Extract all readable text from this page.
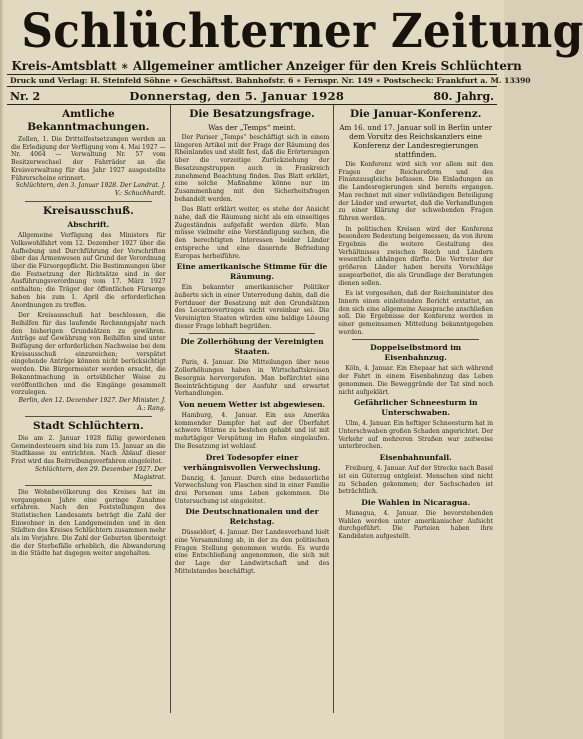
Schlüchterner Zeitung
Kreis-Amtsblatt ∗ Allgemeiner amtlicher Anzeiger für den Kreis Schlüchtern
Druck und Verlag: H. Steinfeld Söhne ∗ Geschäftsst. Bahnhofstr. 6 ∗ Fernspr. Nr. 149 ∗ Postscheck: Frankfurt a. M. 13390
Nr. 2	Donnerstag, den 5. Januar 1928	80. Jahrg.
Amtliche Bekanntmachungen.

Zellen, 1. Die Drittelfestsetzungen werden an die Erledigung der Verfügung vom 4. Mai 1927 — Nr. 4064 — Verwaltung Nr. 57 vom Besitzerwechsel der Fahrräder an die Kreisverwaltung für das Jahr 1927 ausgestellte Führerscheine erinnert.

Schlüchtern, den 3. Januar 1928. Der Landrat. J. V.: Schuchhardt.
Kreisausschuß.
Abschrift.

Allgemeine Verfügung des Ministers für Volkswohlfahrt vom 12. Dezember 1927 über die Aufhebung und Durchführung der Vorschriften über das Armenwesen auf Grund der Verordnung über die Fürsorgepflicht. Die Bestimmungen über die Festsetzung der Richtsätze sind in der Ausführungsverordnung vom 17. März 1927 enthalten; die Träger der öffentlichen Fürsorge haben bis zum 1. April die erforderlichen Anordnungen zu treffen.

Der Kreisausschuß hat beschlossen, die Beihilfen für das laufende Rechnungsjahr nach den bisherigen Grundsätzen zu gewähren. Anträge auf Gewährung von Beihilfen sind unter Beifügung der erforderlichen Nachweise bei dem Kreisausschuß einzureichen; verspätet eingehende Anträge können nicht berücksichtigt werden. Die Bürgermeister werden ersucht, die Bekanntmachung in ortsüblicher Weise zu veröffentlichen und die Eingänge gesammelt vorzulegen.

Berlin, den 12. Dezember 1927. Der Minister. J. A.: Rang.
Stadt Schlüchtern.

Die am 2. Januar 1928 fällig gewordenen Gemeindesteuern sind bis zum 15. Januar an die Stadtkasse zu entrichten. Nach Ablauf dieser Frist wird das Beitreibungsverfahren eingeleitet.

Schlüchtern, den 29. Dezember 1927. Der Magistrat.

Die Wohnbevölkerung des Kreises hat im vergangenen Jahre eine geringe Zunahme erfahren. Nach den Feststellungen des Statistischen Landesamts beträgt die Zahl der Einwohner in den Landgemeinden und in den Städten des Kreises Schlüchtern zusammen mehr als im Vorjahre. Die Zahl der Geburten übersteigt die der Sterbefälle erheblich, die Abwanderung in die Städte hat dagegen weiter angehalten.

Die Besatzungsfrage.
Was der „Temps“ meint.

Der Pariser „Temps“ beschäftigt sich in einem längeren Artikel mit der Frage der Räumung des Rheinlandes und stellt fest, daß die Erörterungen über die vorzeitige Zurückziehung der Besatzungstruppen auch in Frankreich zunehmend Beachtung finden. Das Blatt erklärt, eine solche Maßnahme könne nur im Zusammenhang mit den Sicherheitsfragen behandelt werden.

Das Blatt erklärt weiter, es stehe der Ansicht nahe, daß die Räumung nicht als ein einseitiges Zugeständnis aufgefaßt werden dürfe. Man müsse vielmehr eine Verständigung suchen, die den berechtigten Interessen beider Länder entspreche und eine dauernde Befriedung Europas herbeiführe.

Eine amerikanische Stimme für die Räumung.

Ein bekannter amerikanischer Politiker äußerte sich in einer Unterredung dahin, daß die Fortdauer der Besatzung mit den Grundsätzen des Locarnovertrages nicht vereinbar sei. Die Vereinigten Staaten würden eine baldige Lösung dieser Frage lebhaft begrüßen.

Die Zollerhöhung der Vereinigten Staaten.

Paris, 4. Januar. Die Mitteilungen über neue Zollerhöhungen haben in Wirtschaftskreisen Besorgnis hervorgerufen. Man befürchtet eine Beeinträchtigung der Ausfuhr und erwartet Verhandlungen.

Von neuem Wetter ist abgewiesen.

Hamburg, 4. Januar. Ein aus Amerika kommender Dampfer hat auf der Überfahrt schwere Stürme zu bestehen gehabt und ist mit mehrtägiger Verspätung im Hafen eingelaufen. Die Besatzung ist wohlauf.

Drei Todesopfer einer verhängnisvollen Verwechslung.

Danzig, 4. Januar. Durch eine bedauerliche Verwechslung von Flaschen sind in einer Familie drei Personen ums Leben gekommen. Die Untersuchung ist eingeleitet.

Die Deutschnationalen und der Reichstag.

Düsseldorf, 4. Januar. Der Landesverband hielt eine Versammlung ab, in der zu den politischen Fragen Stellung genommen wurde. Es wurde eine Entschließung angenommen, die sich mit der Lage der Landwirtschaft und des Mittelstandes beschäftigt.

Die Januar-Konferenz.
Am 16. und 17. Januar soll in Berlin unter dem Vorsitz des Reichskanzlers eine Konferenz der Landesregierungen stattfinden.

Die Konferenz wird sich vor allem mit den Fragen der Reichsreform und des Finanzausgleichs befassen. Die Einladungen an die Landesregierungen sind bereits ergangen. Man rechnet mit einer vollständigen Beteiligung der Länder und erwartet, daß die Verhandlungen zu einer Klärung der schwebenden Fragen führen werden.

In politischen Kreisen wird der Konferenz besondere Bedeutung beigemessen, da von ihrem Ergebnis die weitere Gestaltung des Verhältnisses zwischen Reich und Ländern wesentlich abhängen dürfte. Die Vertreter der größeren Länder haben bereits Vorschläge ausgearbeitet, die als Grundlage der Beratungen dienen sollen.

Es ist vorgesehen, daß der Reichsminister des Innern einen einleitenden Bericht erstattet, an den sich eine allgemeine Aussprache anschließen soll. Die Ergebnisse der Konferenz werden in einer gemeinsamen Mitteilung bekanntgegeben werden.

Doppelselbstmord im Eisenbahnzug.

Köln, 4. Januar. Ein Ehepaar hat sich während der Fahrt in einem Eisenbahnzug das Leben genommen. Die Beweggründe der Tat sind noch nicht aufgeklärt.

Gefährlicher Schneesturm in Unterschwaben.

Ulm, 4. Januar. Ein heftiger Schneesturm hat in Unterschwaben großen Schaden angerichtet. Der Verkehr auf mehreren Straßen war zeitweise unterbrochen.

Eisenbahnunfall.

Freiburg, 4. Januar. Auf der Strecke nach Basel ist ein Güterzug entgleist. Menschen sind nicht zu Schaden gekommen; der Sachschaden ist beträchtlich.

Die Wahlen in Nicaragua.

Managua, 4. Januar. Die bevorstehenden Wahlen werden unter amerikanischer Aufsicht durchgeführt. Die Parteien haben ihre Kandidaten aufgestellt.
